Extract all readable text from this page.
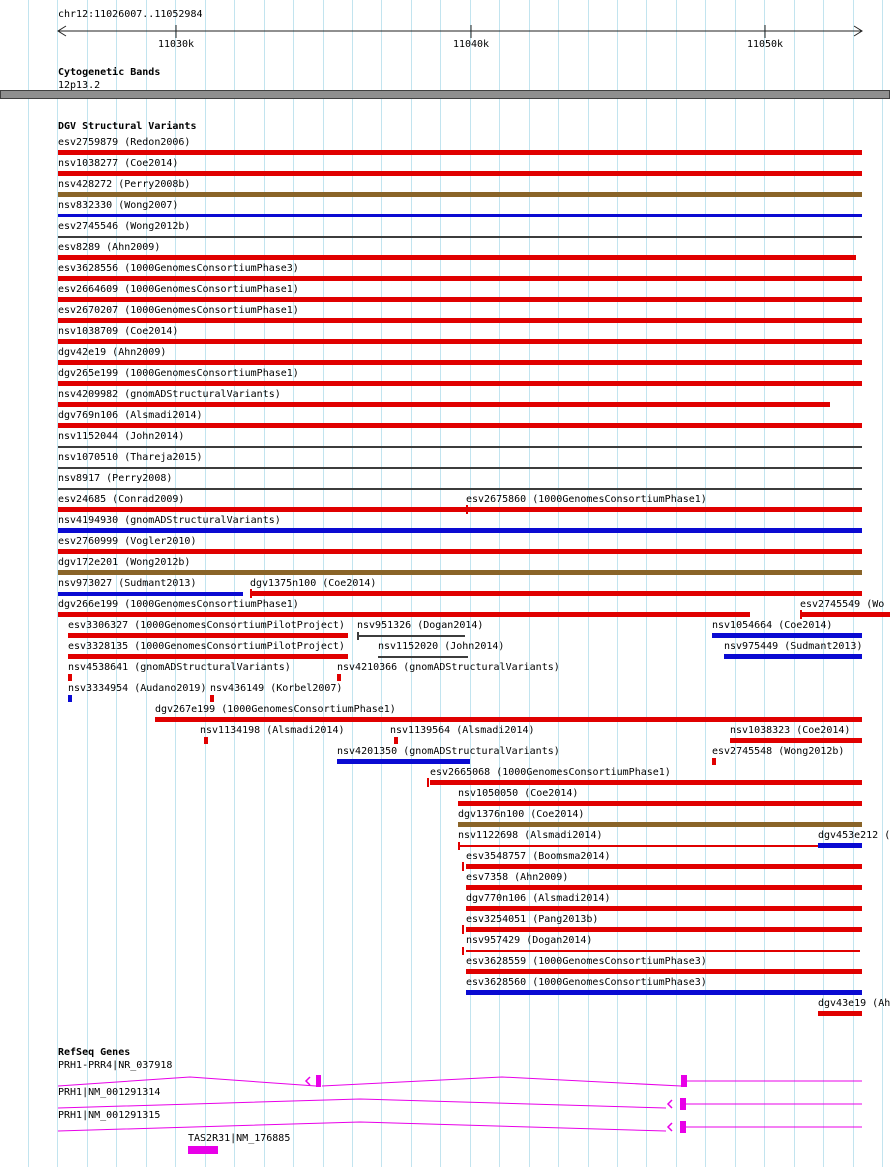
chr12:11026007..11052984
Cytogenetic Bands
12p13.2
DGV Structural Variants
RefSeq Genes
11030k	11040k	11050k
esv2759879 (Redon2006)
nsv1038277 (Coe2014)
nsv428272 (Perry2008b)
nsv832330 (Wong2007)
esv2745546 (Wong2012b)
esv8289 (Ahn2009)
esv3628556 (1000GenomesConsortiumPhase3)
esv2664609 (1000GenomesConsortiumPhase1)
esv2670207 (1000GenomesConsortiumPhase1)
nsv1038709 (Coe2014)
dgv42e19 (Ahn2009)
dgv265e199 (1000GenomesConsortiumPhase1)
nsv4209982 (gnomADStructuralVariants)
dgv769n106 (Alsmadi2014)
nsv1152044 (John2014)
nsv1070510 (Thareja2015)
nsv8917 (Perry2008)
esv24685 (Conrad2009)	esv2675860 (1000GenomesConsortiumPhase1)
nsv4194930 (gnomADStructuralVariants)
esv2760999 (Vogler2010)
dgv172e201 (Wong2012b)
nsv973027 (Sudmant2013)	dgv1375n100 (Coe2014)
dgv266e199 (1000GenomesConsortiumPhase1)	esv2745549 (Wo
esv3306327 (1000GenomesConsortiumPilotProject) nsv951326 (Dogan2014)	nsv1054664 (Coe2014)
esv3328135 (1000GenomesConsortiumPilotProject)	nsv1152020 (John2014)	nsv975449 (Sudmant2013)
nsv4538641 (gnomADStructuralVariants)	nsv4210366 (gnomADStructuralVariants)
nsv3334954 (Audano2019) nsv436149 (Korbel2007)
dgv267e199 (1000GenomesConsortiumPhase1)
nsv1134198 (Alsmadi2014)	nsv1139564 (Alsmadi2014)	nsv1038323 (Coe2014)
nsv4201350 (gnomADStructuralVariants)	esv2745548 (Wong2012b)
esv2665068 (1000GenomesConsortiumPhase1)
nsv1050050 (Coe2014)
dgv1376n100 (Coe2014)
nsv1122698 (Alsmadi2014)	dgv453e212 (
esv3548757 (Boomsma2014)
esv7358 (Ahn2009)
dgv770n106 (Alsmadi2014)
esv3254051 (Pang2013b)
nsv957429 (Dogan2014)
esv3628559 (1000GenomesConsortiumPhase3)
esv3628560 (1000GenomesConsortiumPhase3)
dgv43e19 (Ah
PRH1-PRR4|NR_037918
PRH1|NM_001291314
PRH1|NM_001291315
TAS2R31|NM_176885
